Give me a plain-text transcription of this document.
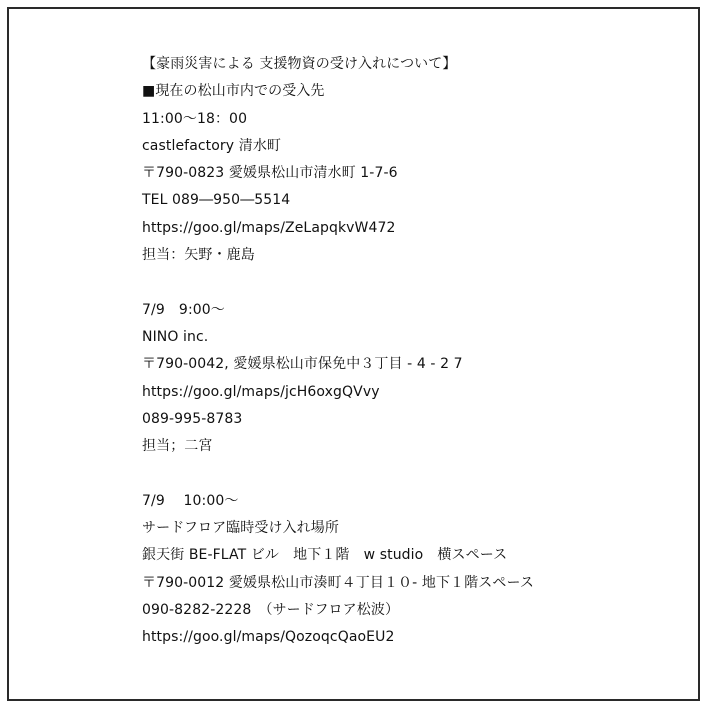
【豪雨災害による 支援物資の受け入れについて】
■現在の松山市内での受入先
11:00〜18：00
castlefactory 清水町
〒790-0823 愛媛県松山市清水町 1-7-6
TEL 089―950―5514
https://goo.gl/maps/ZeLapqkvW472
担当：矢野・鹿島
7/9　9:00〜
NINO inc.
〒790-0042, 愛媛県松山市保免中３丁目 - 4 - 2 7
https://goo.gl/maps/jcH6oxgQVvy
089-995-8783
担当；二宮
7/9　 10:00〜
サードフロア臨時受け入れ場所
銀天街 BE-FLAT ビル　地下１階　w studio　横スペース
〒790-0012 愛媛県松山市湊町４丁目１０- 地下１階スペース
090-8282-2228　（サードフロア松波）
https://goo.gl/maps/QozoqcQaoEU2
